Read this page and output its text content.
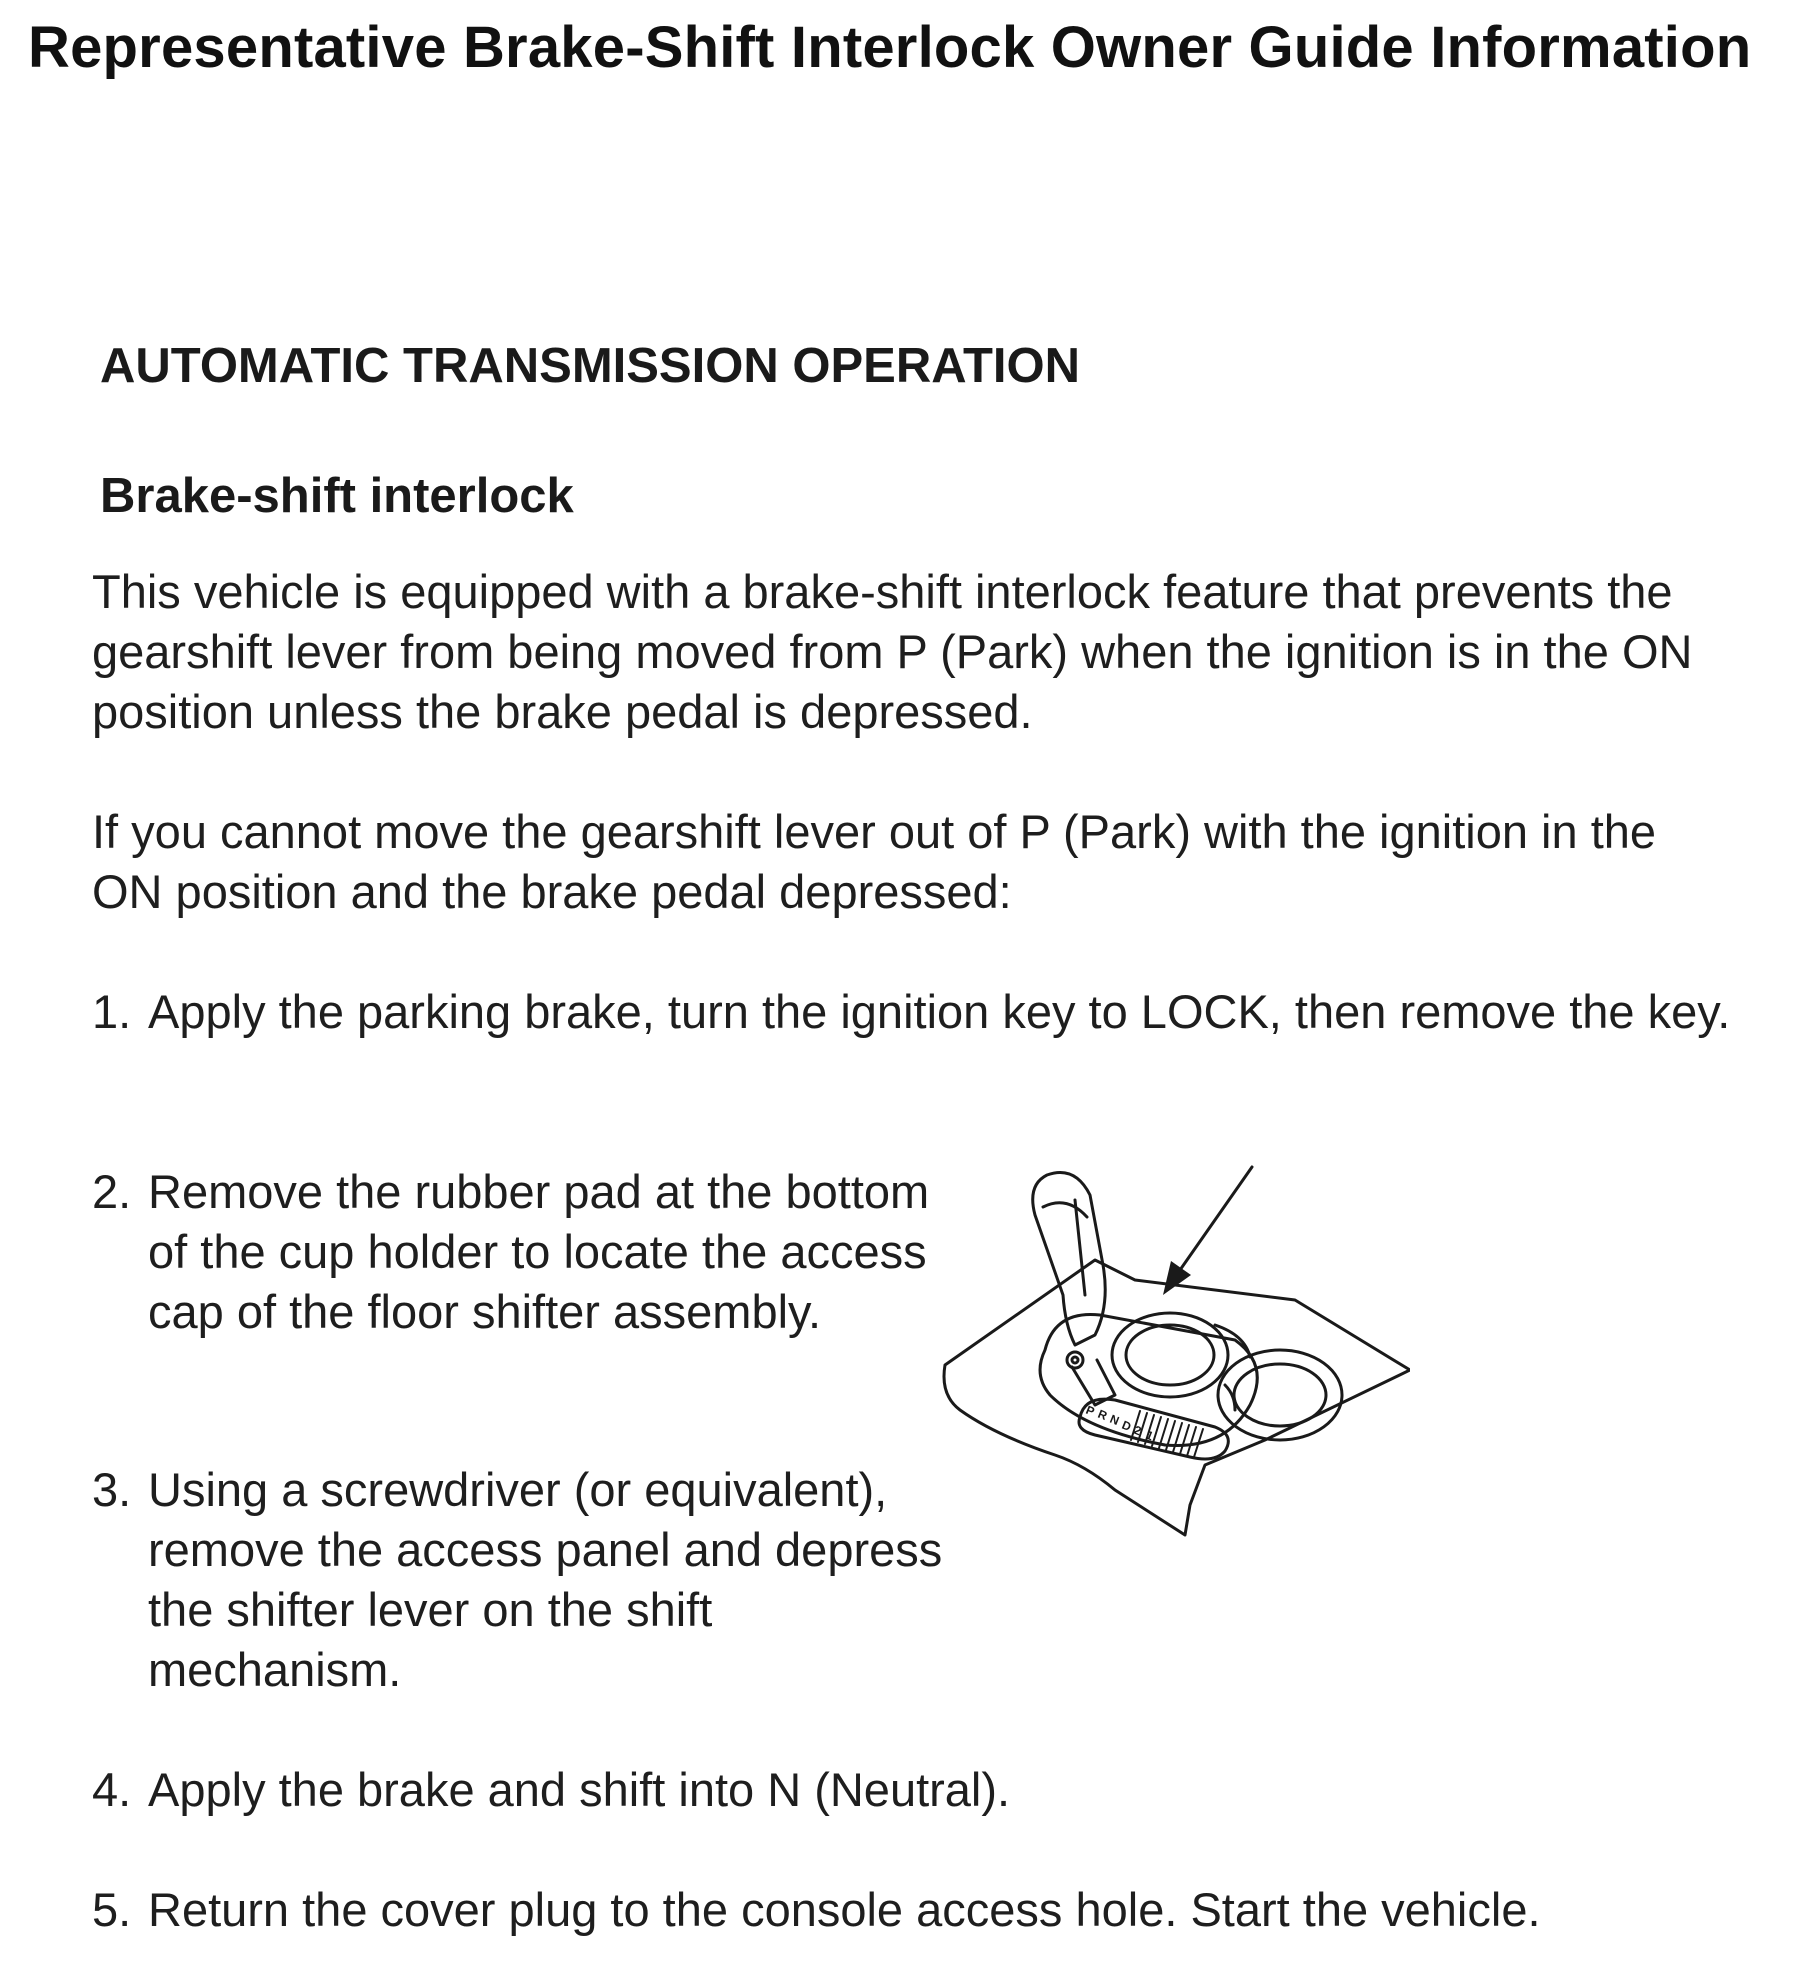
Representative Brake-Shift Interlock Owner Guide Information
AUTOMATIC TRANSMISSION OPERATION
Brake-shift interlock

This vehicle is equipped with a brake-shift interlock feature that prevents the gearshift lever from being moved from P (Park) when the ignition is in the ON position unless the brake pedal is depressed.

If you cannot move the gearshift lever out of P (Park) with the ignition in the ON position and the brake pedal depressed:

1. Apply the parking brake, turn the ignition key to LOCK, then remove the key.
2. Remove the rubber pad at the bottom of the cup holder to locate the access cap of the floor shifter assembly.
3. Using a screwdriver (or equivalent), remove the access panel and depress the shifter lever on the shift mechanism.
4. Apply the brake and shift into N (Neutral).
5. Return the cover plug to the console access hole. Start the vehicle.
P R
N
D
2 1
